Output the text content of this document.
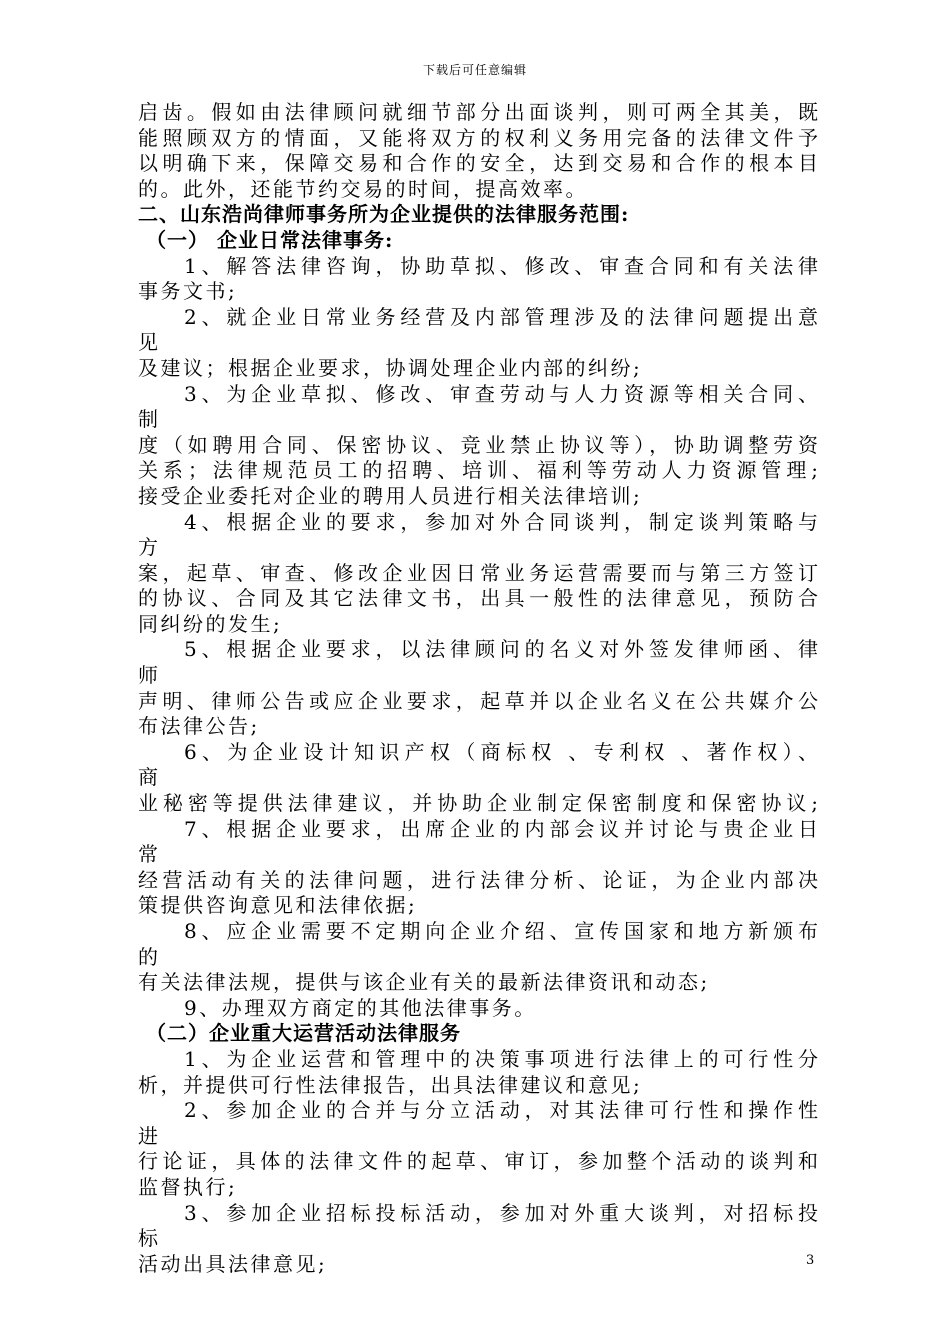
下载后可任意编辑
启齿。假如由法律顾问就细节部分出面谈判，则可两全其美，既
能照顾双方的情面，又能将双方的权利义务用完备的法律文件予
以明确下来，保障交易和合作的安全，达到交易和合作的根本目
的。此外，还能节约交易的时间，提高效率。
二、山东浩尚律师事务所为企业提供的法律服务范围:
（一） 企业日常法律事务:
1、解答法律咨询，协助草拟、修改、审查合同和有关法律
事务文书;
2、就企业日常业务经营及内部管理涉及的法律问题提出意
见
及建议；根据企业要求，协调处理企业内部的纠纷;
3、为企业草拟、修改、审查劳动与人力资源等相关合同、
制
度（如聘用合同、保密协议、竞业禁止协议等），协助调整劳资
关系；法律规范员工的招聘、培训、福利等劳动人力资源管理;
接受企业委托对企业的聘用人员进行相关法律培训;
4、根据企业的要求，参加对外合同谈判，制定谈判策略与
方
案，起草、审查、修改企业因日常业务运营需要而与第三方签订
的协议、合同及其它法律文书，出具一般性的法律意见，预防合
同纠纷的发生;
5、根据企业要求，以法律顾问的名义对外签发律师函、律
师
声明、律师公告或应企业要求，起草并以企业名义在公共媒介公
布法律公告;
6、为企业设计知识产权（商标权 、专利权 、著作权）、
商
业秘密等提供法律建议，并协助企业制定保密制度和保密协议;
7、根据企业要求，出席企业的内部会议并讨论与贵企业日
常
经营活动有关的法律问题，进行法律分析、论证，为企业内部决
策提供咨询意见和法律依据;
8、应企业需要不定期向企业介绍、宣传国家和地方新颁布
的
有关法律法规，提供与该企业有关的最新法律资讯和动态;
9、办理双方商定的其他法律事务。
（二）企业重大运营活动法律服务
1、为企业运营和管理中的决策事项进行法律上的可行性分
析，并提供可行性法律报告，出具法律建议和意见;
2、参加企业的合并与分立活动，对其法律可行性和操作性
进
行论证，具体的法律文件的起草、审订，参加整个活动的谈判和
监督执行;
3、参加企业招标投标活动，参加对外重大谈判，对招标投
标
活动出具法律意见;	3
